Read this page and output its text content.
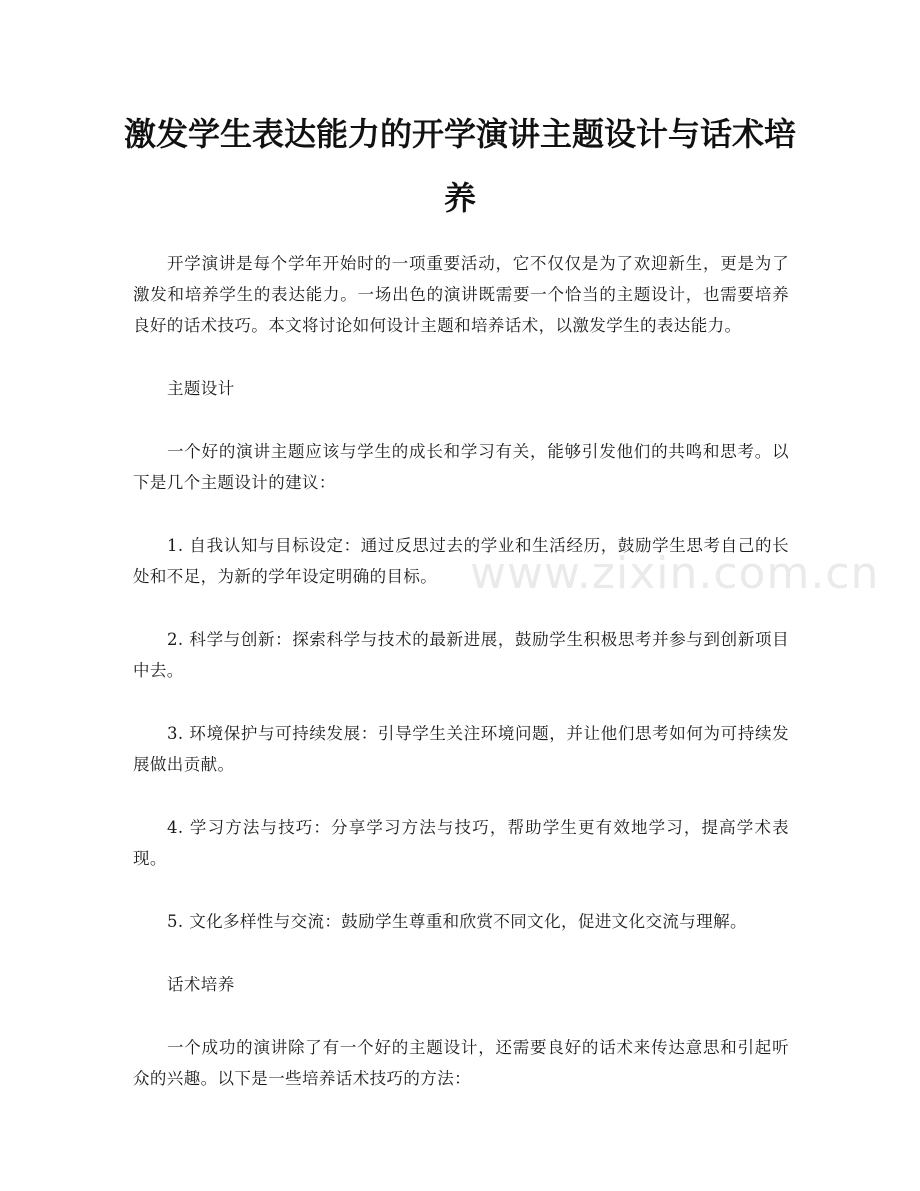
激发学生表达能力的开学演讲主题设计与话术培养

开学演讲是每个学年开始时的一项重要活动，它不仅仅是为了欢迎新生，更是为了激发和培养学生的表达能力。一场出色的演讲既需要一个恰当的主题设计，也需要培养良好的话术技巧。本文将讨论如何设计主题和培养话术，以激发学生的表达能力。

主题设计

一个好的演讲主题应该与学生的成长和学习有关，能够引发他们的共鸣和思考。以下是几个主题设计的建议：

1. 自我认知与目标设定：通过反思过去的学业和生活经历，鼓励学生思考自己的长处和不足，为新的学年设定明确的目标。

2. 科学与创新：探索科学与技术的最新进展，鼓励学生积极思考并参与到创新项目中去。

3. 环境保护与可持续发展：引导学生关注环境问题，并让他们思考如何为可持续发展做出贡献。

4. 学习方法与技巧：分享学习方法与技巧，帮助学生更有效地学习，提高学术表现。

5. 文化多样性与交流：鼓励学生尊重和欣赏不同文化，促进文化交流与理解。

话术培养

一个成功的演讲除了有一个好的主题设计，还需要良好的话术来传达意思和引起听众的兴趣。以下是一些培养话术技巧的方法：

www.zixin.com.cn
